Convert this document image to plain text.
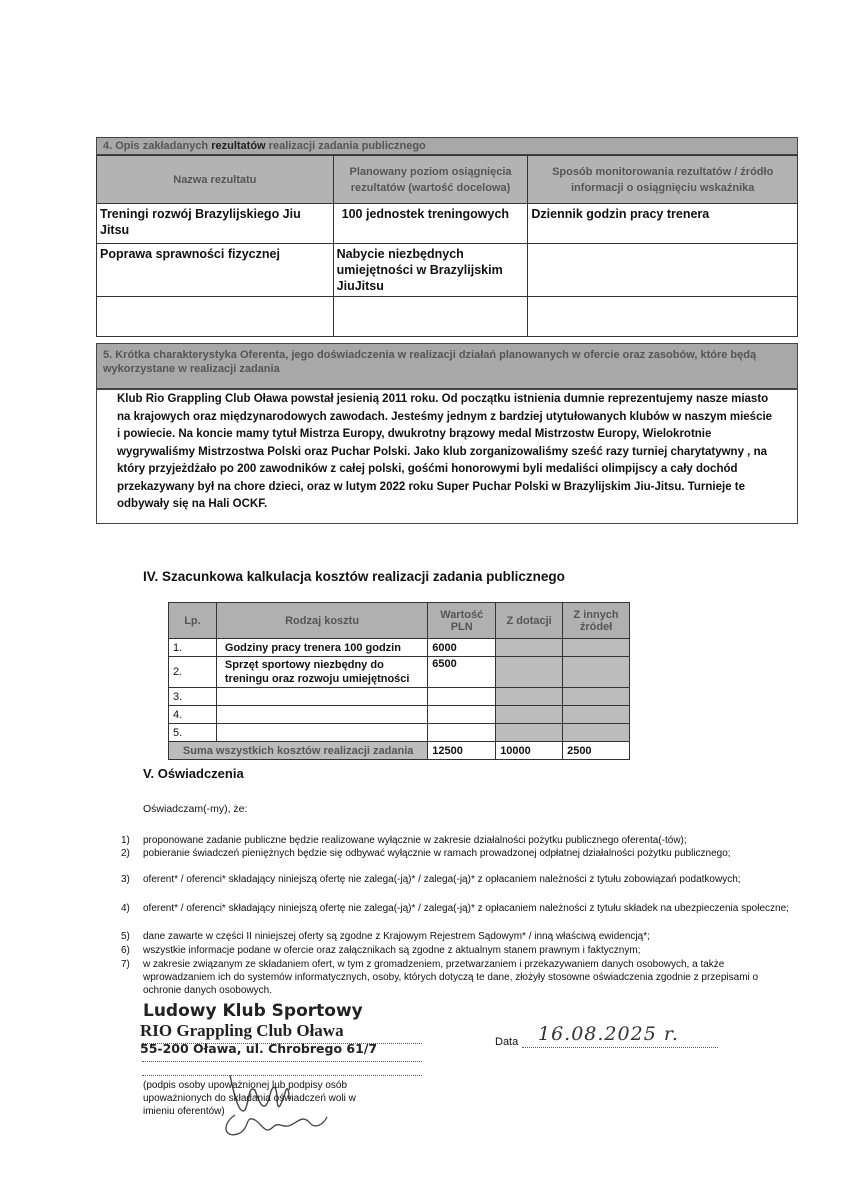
4. Opis zakładanych rezultatów realizacji zadania publicznego
Nazwa rezultatu	Planowany poziom osiągnięcia rezultatów (wartość docelowa)	Sposób monitorowania rezultatów / źródło informacji o osiągnięciu wskaźnika
Treningi rozwój Brazylijskiego Jiu Jitsu	100 jednostek treningowych	Dziennik godzin pracy trenera
Poprawa sprawności fizycznej	Nabycie niezbędnych umiejętności w Brazylijskim JiuJitsu	

5. Krótka charakterystyka Oferenta, jego doświadczenia w realizacji działań planowanych w ofercie oraz zasobów, które będą wykorzystane w realizacji zadania
Klub Rio Grappling Club Oława powstał jesienią 2011 roku. Od początku istnienia dumnie reprezentujemy nasze miasto na krajowych oraz międzynarodowych zawodach. Jesteśmy jednym z bardziej utytułowanych klubów w naszym mieście i powiecie. Na koncie mamy tytuł Mistrza Europy, dwukrotny brązowy medal Mistrzostw Europy, Wielokrotnie wygrywaliśmy Mistrzostwa Polski oraz Puchar Polski. Jako klub zorganizowaliśmy sześć razy turniej charytatywny , na który przyjeżdżało po 200 zawodników z całej polski, gośćmi honorowymi byli medaliści olimpijscy a cały dochód przekazywany był na chore dzieci, oraz w lutym 2022 roku Super Puchar Polski w Brazylijskim Jiu-Jitsu. Turnieje te odbywały się na Hali OCKF.
IV. Szacunkowa kalkulacja kosztów realizacji zadania publicznego
Lp.	Rodzaj kosztu	Wartość PLN	Z dotacji	Z innych źródeł
1.	Godziny pracy trenera 100 godzin	6000		
2.	Sprzęt sportowy niezbędny do treningu oraz rozwoju umiejętności	6500		
3.				
4.				
5.				
Suma wszystkich kosztów realizacji zadania		12500	10000	2500
V. Oświadczenia
Oświadczam(-my), że:
1) proponowane zadanie publiczne będzie realizowane wyłącznie w zakresie działalności pożytku publicznego oferenta(-tów);
2) pobieranie świadczeń pieniężnych będzie się odbywać wyłącznie w ramach prowadzonej odpłatnej działalności pożytku publicznego;
3) oferent* / oferenci* składający niniejszą ofertę nie zalega(-ją)* / zalega(-ją)* z opłacaniem należności z tytułu zobowiązań podatkowych;
4) oferent* / oferenci* składający niniejszą ofertę nie zalega(-ją)* / zalega(-ją)* z opłacaniem należności z tytułu składek na ubezpieczenia społeczne;
5) dane zawarte w części II niniejszej oferty są zgodne z Krajowym Rejestrem Sądowym* / inną właściwą ewidencją*;
6) wszystkie informacje podane w ofercie oraz załącznikach są zgodne z aktualnym stanem prawnym i faktycznym;
7) w zakresie związanym ze składaniem ofert, w tym z gromadzeniem, przetwarzaniem i przekazywaniem danych osobowych, a także wprowadzaniem ich do systemów informatycznych, osoby, których dotyczą te dane, złożyły stosowne oświadczenia zgodnie z przepisami o ochronie danych osobowych.
Ludowy Klub Sportowy
RIO Grappling Club Oława
55-200 Oława, ul. Chrobrego 61/7
(podpis osoby upoważnionej lub podpisy osób upoważnionych do składania oświadczeń woli w imieniu oferentów)
Data 16.08.2025 r.
